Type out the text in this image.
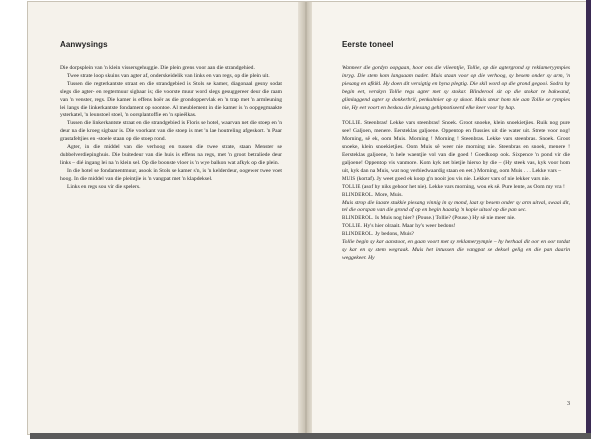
Aanwysings

Die dorpsplein van 'n klein vissersgehuggie. Die plein grens voor aan die strandgehied.

Twee strate loop skuins van agter af, onderskeidelik van links en van regs, op die plein uit.

Tussen die regterkantste straat en die strandgebied is Stols se kamer, diagonaal gesny sodat slegs die agter- en regtermuur sigbaar is; die voorste muur word slegs gesuggereer deur die raam van 'n venster, regs. Die kamer is effens hoër as die grondoppervlak en 'n trap met 'n armleuning lei langs die linkerkantste fondament op soontoe. Al meublement in die kamer is 'n oopgegmaakte ysterkatel, 'n leunstoel stoel, 'n oorsplantoffie en 'n spieëlkas.

Tussen die linkerkantste straat en die strandgebied is Floris se hotel, waarvan net die stoep en 'n deur na die kroeg sigbaar is. Die voorkant van die stoep is met 'n lae houtreling afgeskort. 'n Paar grastafeltjies en -stoele staan op die stoep rond.

Agter, in die middel van die verhoog en tussen die twee strate, staan Menster se dubbelverdiepinghuis. Die buitedeur van die huis is effens na regs, met 'n groot betraliede deur links – dié ingang lei na 'n klein sel. Op die boonste vloer is 'n wye balkon wat afkyk op die plein.

In die hotel se fondamentmuur, asook in Stols se kamer s'n, is 'n kelderdeur, oogewer twee voet hoog. In die middel van die pleintjie is 'n vangpat met 'n klapdeksel.

Links en regs sou vir die spelers.

Eerste toneel

Wanneer die gordyn oopgaan, hoor ons die vlieentjie, Tollie, op die agtergrond sy reklameryympies inryg. Die stem kom langsaam nader. Muis staan voor op die verhoog, sy besem onder sy arm, 'n piesang en afkikl. Hy doen dit versigtig en byna plegtig. Die skil word op die grond gegooi. Sodra hy begin eet, verskyn Tollie regs agter met sy stokar. Blinderool sit op die stokar te bakwand, glimlaggend agter sy donkerbril, penkalmier op sy skoot. Muis steur hom nie aan Tollie se rympies nie, Hy eet voort en beskou die piesang gehipnotiseerd elke keer voor hy hap.

TOLLIE. Steenbras! Lekke vars steenbras! Snoek. Groot snoeke, klein snoekietjies. Ruik nog pure see! Galjoen, menere. Eersteklas galjoene. Oppentop en flussies uit die water uit. Strete voor nog! Morning, sê ek, oom Muis. Morning ! Morning ! Steenbras. Lekke vars steenbras. Snoek. Groot snoeke, klein snoekietjies. Oom Muis sê weer nie morning nie. Steenbras en snoek, menere ! Eersteklas galjoene, 'n hele waentjie vol van die goed ! Goedkoop ook. Sixpence 'n pond vir die galjoene! Oppentop vis vanmore. Kom kyk net bietjie hierso by die – (Hy steek vas, kyk voor hom uit, kyk dan na Muis, wat nog verbiedwaardig staan en eet.) Morning, oom Muis . . . Lekke vars –

MUIS (kortaf). Jy weet goed ek koop g'n nooit jou vis nie. Lekker vars of nie lekker vars nie.

TOLLIE (asof hy niks gehoor het nie). Lekke vars morning, wou ek sê. Pure lente, as Oom my vra !

BLINDEROL. More, Muis.

Muis strop die laaste stukkie piesang vinnig in sy mond, laat sy besem onder sy arm uitval, swaai dit, tel die oorspan van die grond af op en begin haastig 'n kopie uitsol op die pan sec.

BLINDEROL. Is Muis nog hier? (Pouse.) Tollie? (Pouse.) Hy sê nie meer nie.

TOLLIE. Hy's hier olraait. Maar hy's weer bedons!

BLINDEROL. Jy bedons, Muis?

Tollie begin sy kar aanstoot, en gaan voort met sy reklameryympie – hy herhaal dit oor en oor totdat sy kar en sy stem wegraak. Muis het intussen die vangpat se deksel gelig en die pan daarin weggekeer. Hy

3
